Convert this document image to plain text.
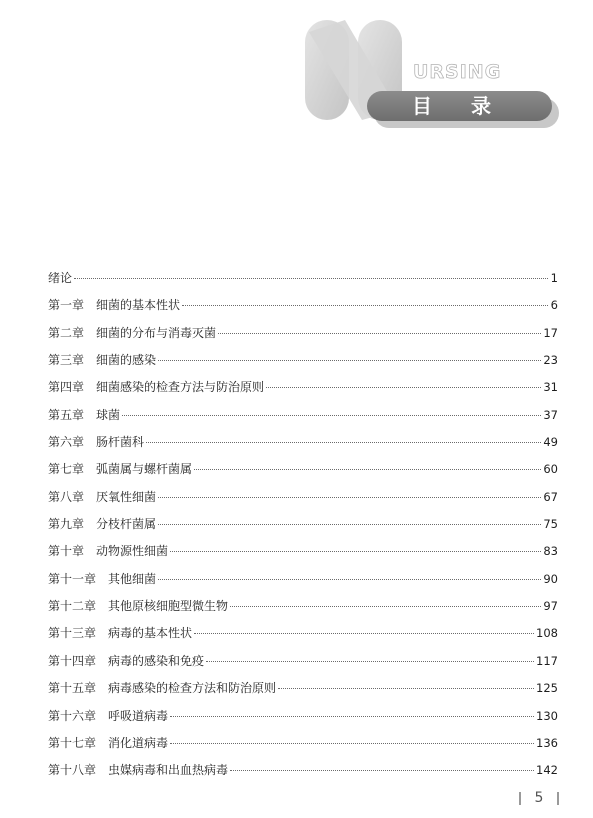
URSING
目 录
绪论	1
第一章 细菌的基本性状	6
第二章 细菌的分布与消毒灭菌	17
第三章 细菌的感染	23
第四章 细菌感染的检查方法与防治原则	31
第五章 球菌	37
第六章 肠杆菌科	49
第七章 弧菌属与螺杆菌属	60
第八章 厌氧性细菌	67
第九章 分枝杆菌属	75
第十章 动物源性细菌	83
第十一章 其他细菌	90
第十二章 其他原核细胞型微生物	97
第十三章 病毒的基本性状	108
第十四章 病毒的感染和免疫	117
第十五章 病毒感染的检查方法和防治原则	125
第十六章 呼吸道病毒	130
第十七章 消化道病毒	136
第十八章 虫媒病毒和出血热病毒	142
5
